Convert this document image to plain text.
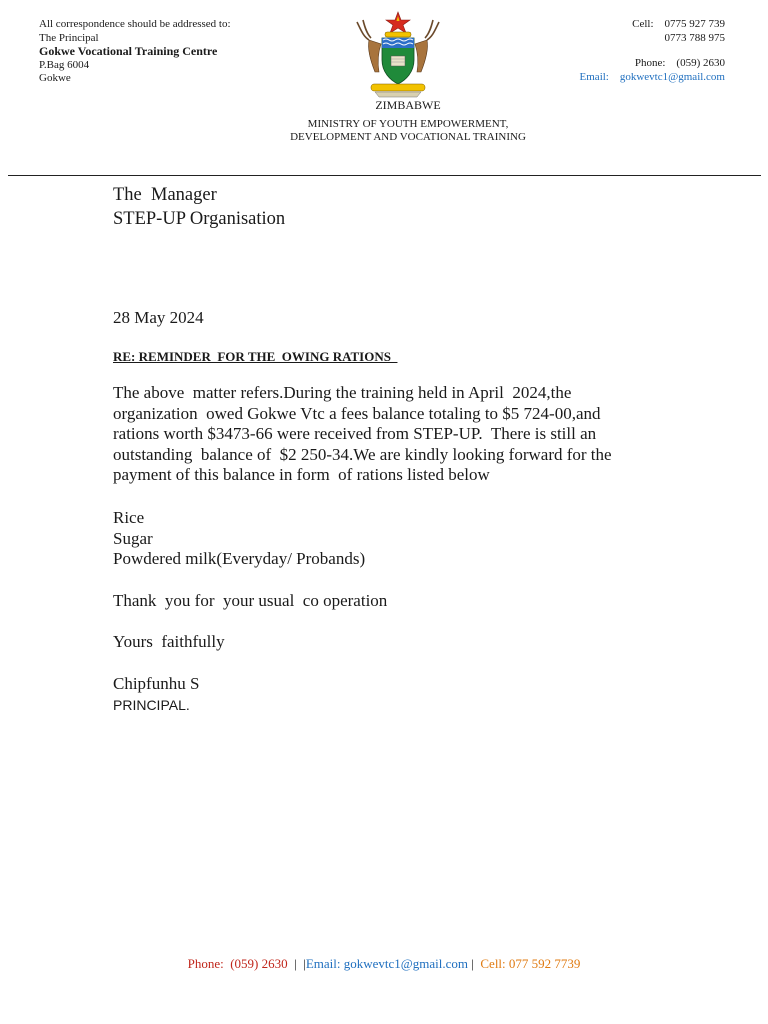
All correspondence should be addressed to:
The Principal
Gokwe Vocational Training Centre
P.Bag 6004
Gokwe
ZIMBABWE
MINISTRY OF YOUTH EMPOWERMENT,
DEVELOPMENT AND VOCATIONAL TRAINING
Cell: 0775 927 739
0773 788 975
Phone: (059) 2630
Email: gokwevtc1@gmail.com
The  Manager
STEP-UP Organisation
28 May 2024
RE: REMINDER  FOR THE  OWING RATIONS
The above  matter refers.During the training held in April  2024,the organization  owed Gokwe Vtc a fees balance totaling to $5 724-00,and rations worth $3473-66 were received from STEP-UP.  There is still an outstanding  balance of  $2 250-34.We are kindly looking forward for the payment of this balance in form  of rations listed below
Rice
Sugar
Powdered milk(Everyday/ Probands)
Thank  you for  your usual  co operation
Yours  faithfully
Chipfunhu S
PRINCIPAL.
Phone:  (059) 2630  |  |Email: gokwevtc1@gmail.com |  Cell: 077 592 7739
